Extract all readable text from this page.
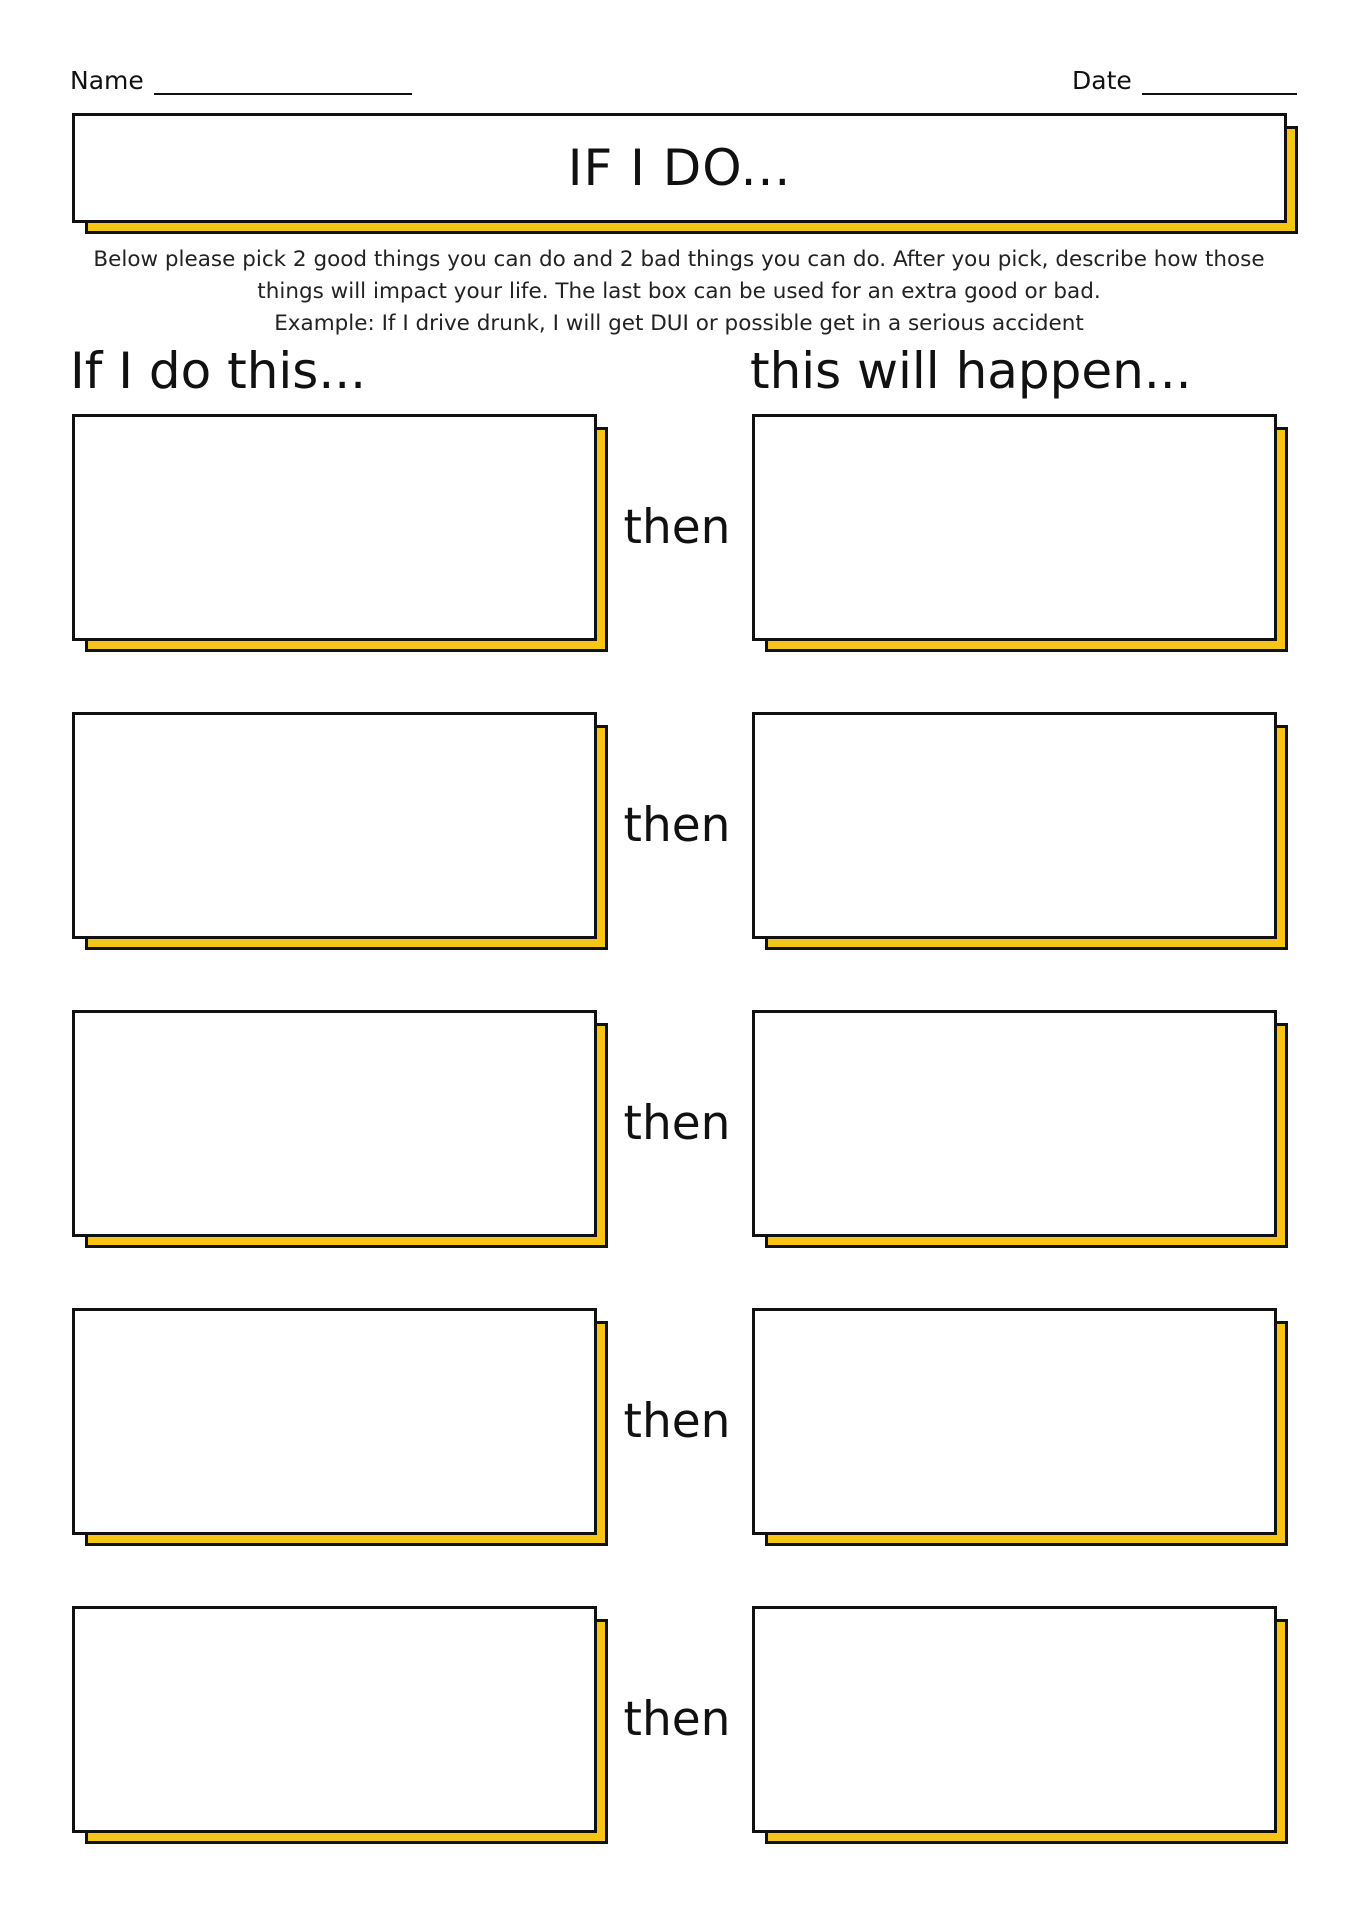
Name	Date
IF I DO...

Below please pick 2 good things you can do and 2 bad things you can do. After you pick, describe how those things will impact your life. The last box can be used for an extra good or bad.

Example: If I drive drunk, I will get DUI or possible get in a serious accident

If I do this...	this will happen...
then
then
then
then
then
